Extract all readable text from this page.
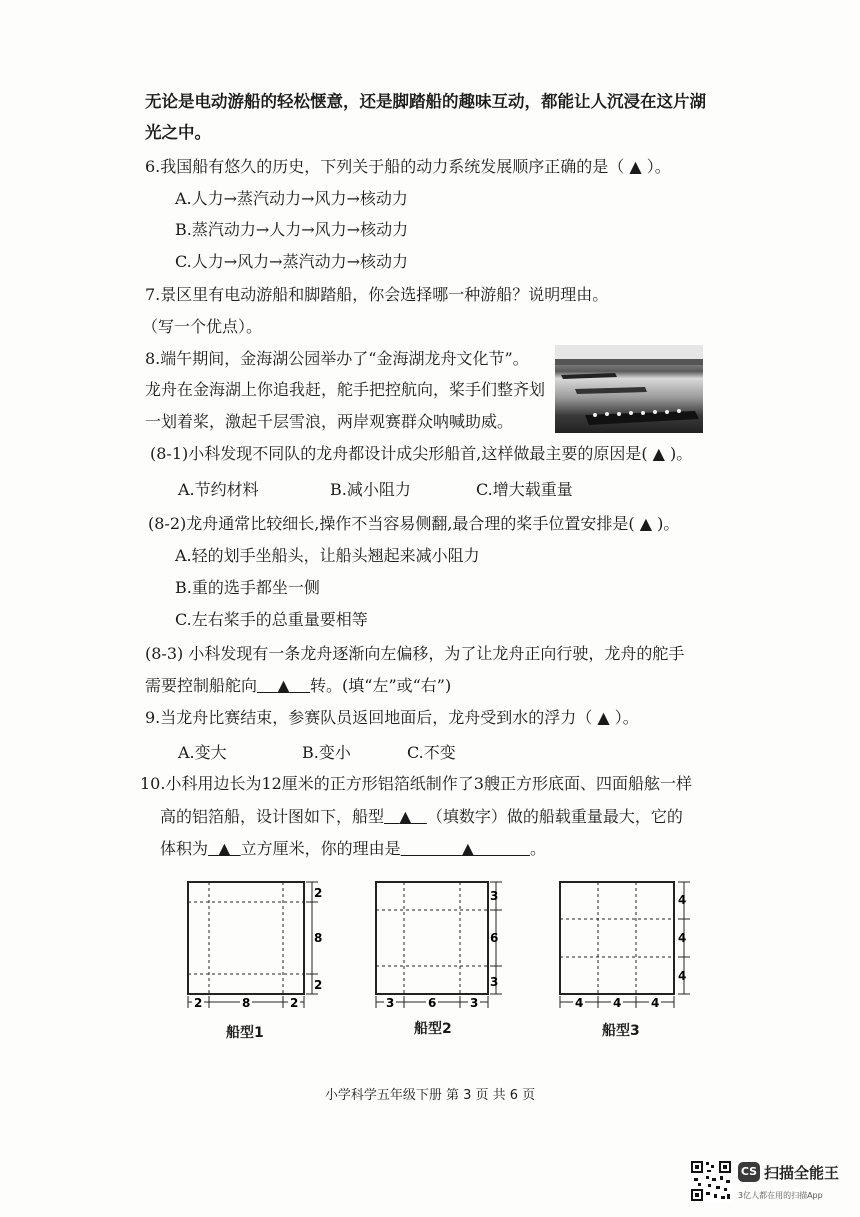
无论是电动游船的轻松惬意，还是脚踏船的趣味互动，都能让人沉浸在这片湖
光之中。
6.我国船有悠久的历史，下列关于船的动力系统发展顺序正确的是（ ▲ ）。
A.人力→蒸汽动力→风力→核动力
B.蒸汽动力→人力→风力→核动力
C.人力→风力→蒸汽动力→核动力
7.景区里有电动游船和脚踏船，你会选择哪一种游船？说明理由。
（写一个优点）。
8.端午期间，金海湖公园举办了“金海湖龙舟文化节”。
龙舟在金海湖上你追我赶，舵手把控航向，桨手们整齐划
一划着桨，激起千层雪浪，两岸观赛群众呐喊助威。
(8-1)小科发现不同队的龙舟都设计成尖形船首,这样做最主要的原因是( ▲ )。
A.节约材料	B.减小阻力	C.增大载重量
(8-2)龙舟通常比较细长,操作不当容易侧翻,最合理的桨手位置安排是( ▲ )。
A.轻的划手坐船头，让船头翘起来减小阻力
B.重的选手都坐一侧
C.左右桨手的总重量要相等
(8-3) 小科发现有一条龙舟逐渐向左偏移，为了让龙舟正向行驶，龙舟的舵手
需要控制船舵向 ▲ 转。(填“左”或“右”)
9.当龙舟比赛结束，参赛队员返回地面后，龙舟受到水的浮力（ ▲ ）。
A.变大	B.变小	C.不变
10.小科用边长为12厘米的正方形铝箔纸制作了3艘正方形底面、四面船舷一样
高的铝箔船，设计图如下，船型 ▲ （填数字）做的船载重量最大，它的
体积为 ▲ 立方厘米，你的理由是	▲	。
2
8
2
2	8	2
船型1
3
6
3
3	6	3
船型2
4
4
4
4 4 4
船型3
小学科学五年级下册 第 3 页 共 6 页
CS 扫描全能王
3亿人都在用的扫描App
